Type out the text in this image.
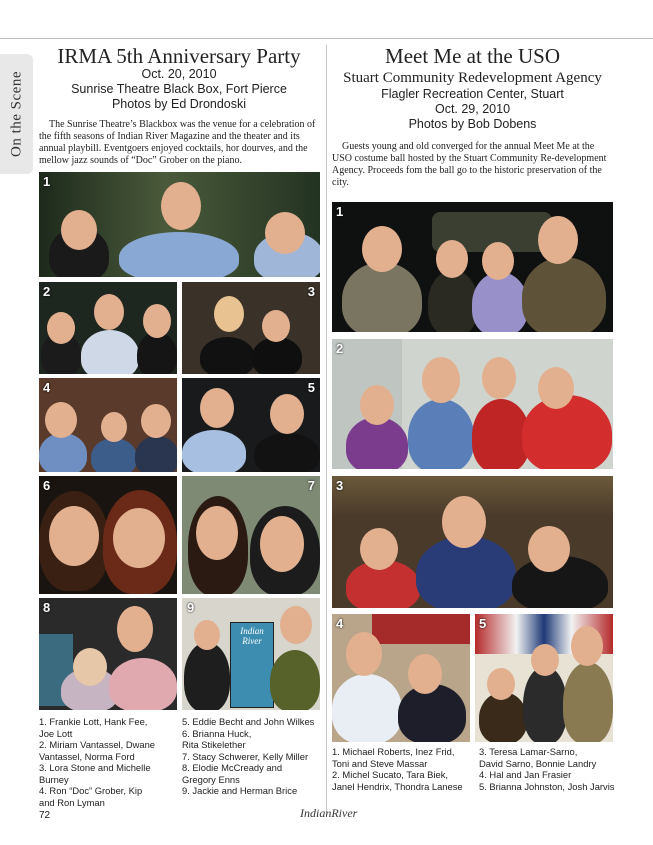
On the Scene
IRMA 5th Anniversary Party
Oct. 20, 2010
Sunrise Theatre Black Box, Fort Pierce
Photos by Ed Drondoski

The Sunrise Theatre’s Blackbox was the venue for a celebration of the fifth seasons of Indian River Magazine and the theater and its annual playbill. Eventgoers enjoyed cocktails, hor dourves, and the mellow jazz sounds of “Doc” Grober on the piano.

1
2	3
4	5
6	7
8
Indian River
9
1. Frankie Lott, Hank Fee,
Joe Lott
2. Miriam Vantassel, Dwane
Vantassel, Norma Ford
3. Lora Stone and Michelle
Burney
4. Ron “Doc” Grober, Kip
and Ron Lyman
5. Eddie Becht and John Wilkes
6. Brianna Huck,
Rita Stikelether
7. Stacy Schwerer, Kelly Miller
8. Elodie McCready and
Gregory Enns
9. Jackie and Herman Brice
Meet Me at the USO
Stuart Community Redevelopment Agency
Flagler Recreation Center, Stuart
Oct. 29, 2010
Photos by Bob Dobens

Guests young and old converged for the annual Meet Me at the USO costume ball hosted by the Stuart Community Re-development Agency. Proceeds fom the ball go to the historic preservation of the city.

1
2
3
4	5
1. Michael Roberts, Inez Frid,
Toni and Steve Massar
2. Michel Sucato, Tara Biek,
Janel Hendrix, Thondra Lanese
3. Teresa Lamar-Sarno,
David Sarno, Bonnie Landry
4. Hal and Jan Frasier
5. Brianna Johnston, Josh Jarvis
72	IndianRiver
